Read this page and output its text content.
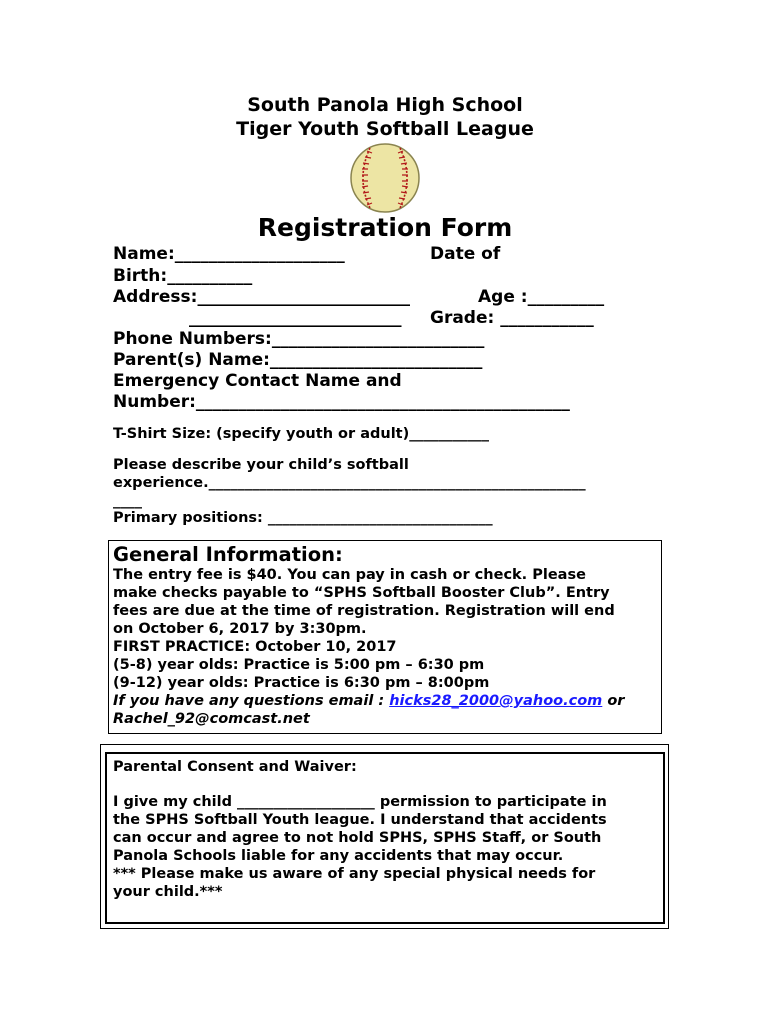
South Panola High School
Tiger Youth Softball League
Registration Form
Name:____________________	Date of
Birth:__________
Address:_________________________	Age :_________
_________________________ Grade: ___________
Phone Numbers:_________________________
Parent(s) Name:_________________________
Emergency Contact Name and
Number:____________________________________________
T-Shirt Size: (specify youth or adult)___________
Please describe your child’s softball
experience.____________________________________________________
____
Primary positions: _______________________________
General Information:
The entry fee is $40. You can pay in cash or check. Please
make checks payable to “SPHS Softball Booster Club”. Entry
fees are due at the time of registration. Registration will end
on October 6, 2017 by 3:30pm.
FIRST PRACTICE: October 10, 2017
(5-8) year olds: Practice is 5:00 pm – 6:30 pm
(9-12) year olds: Practice is 6:30 pm – 8:00pm
If you have any questions email : hicks28_2000@yahoo.com or
Rachel_92@comcast.net
Parental Consent and Waiver:
I give my child ___________________ permission to participate in
the SPHS Softball Youth league. I understand that accidents
can occur and agree to not hold SPHS, SPHS Staff, or South
Panola Schools liable for any accidents that may occur.
*** Please make us aware of any special physical needs for
your child.***
